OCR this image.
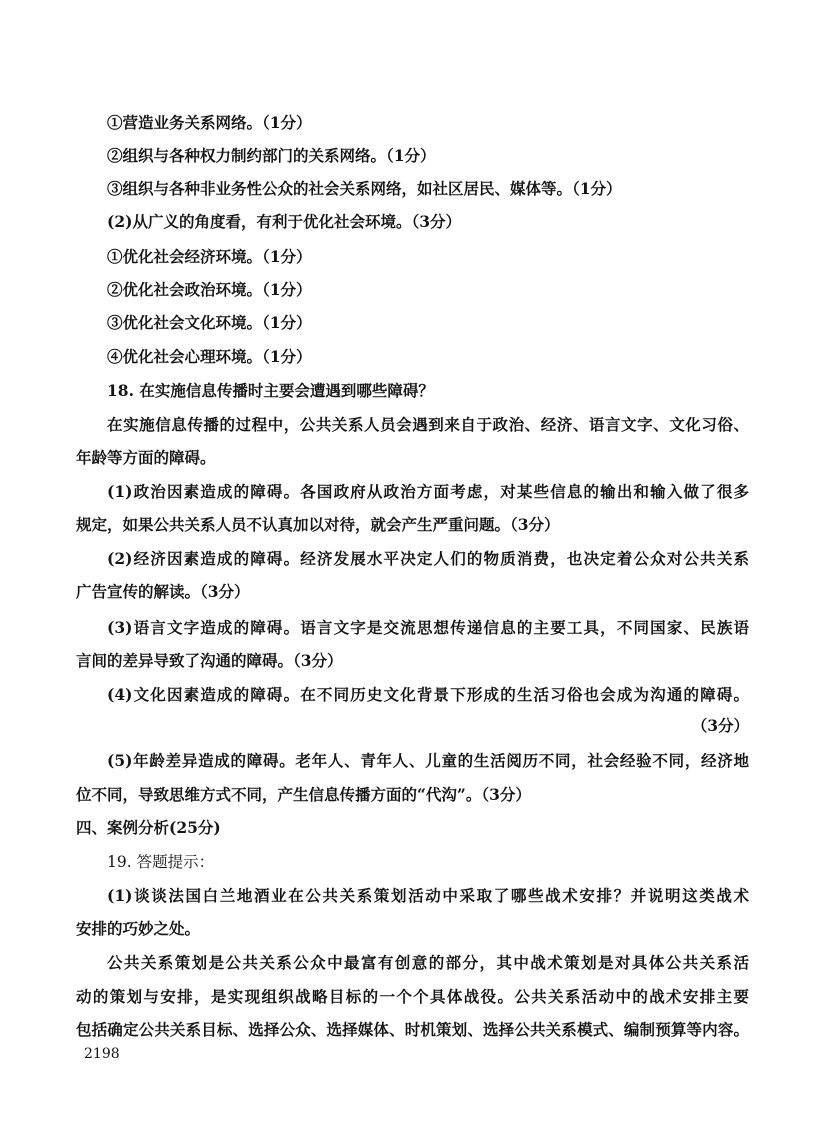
①营造业务关系网络。（1分）
②组织与各种权力制约部门的关系网络。（1分）
③组织与各种非业务性公众的社会关系网络，如社区居民、媒体等。（1分）
(2)从广义的角度看，有利于优化社会环境。（3分）
①优化社会经济环境。（1分）
②优化社会政治环境。（1分）
③优化社会文化环境。（1分）
④优化社会心理环境。（1分）
18. 在实施信息传播时主要会遭遇到哪些障碍？
在实施信息传播的过程中，公共关系人员会遇到来自于政治、经济、语言文字、文化习俗、
年龄等方面的障碍。
(1)政治因素造成的障碍。各国政府从政治方面考虑，对某些信息的输出和输入做了很多
规定，如果公共关系人员不认真加以对待，就会产生严重问题。（3分）
(2)经济因素造成的障碍。经济发展水平决定人们的物质消费，也决定着公众对公共关系
广告宣传的解读。（3分）
(3)语言文字造成的障碍。语言文字是交流思想传递信息的主要工具，不同国家、民族语
言间的差异导致了沟通的障碍。（3分）
(4)文化因素造成的障碍。在不同历史文化背景下形成的生活习俗也会成为沟通的障碍。
（3分）
(5)年龄差异造成的障碍。老年人、青年人、儿童的生活阅历不同，社会经验不同，经济地
位不同，导致思维方式不同，产生信息传播方面的“代沟”。（3分）
四、案例分析(25分)
19. 答题提示：
(1)谈谈法国白兰地酒业在公共关系策划活动中采取了哪些战术安排？并说明这类战术
安排的巧妙之处。
公共关系策划是公共关系公众中最富有创意的部分，其中战术策划是对具体公共关系活
动的策划与安排，是实现组织战略目标的一个个具体战役。公共关系活动中的战术安排主要
包括确定公共关系目标、选择公众、选择媒体、时机策划、选择公共关系模式、编制预算等内容。
2198
